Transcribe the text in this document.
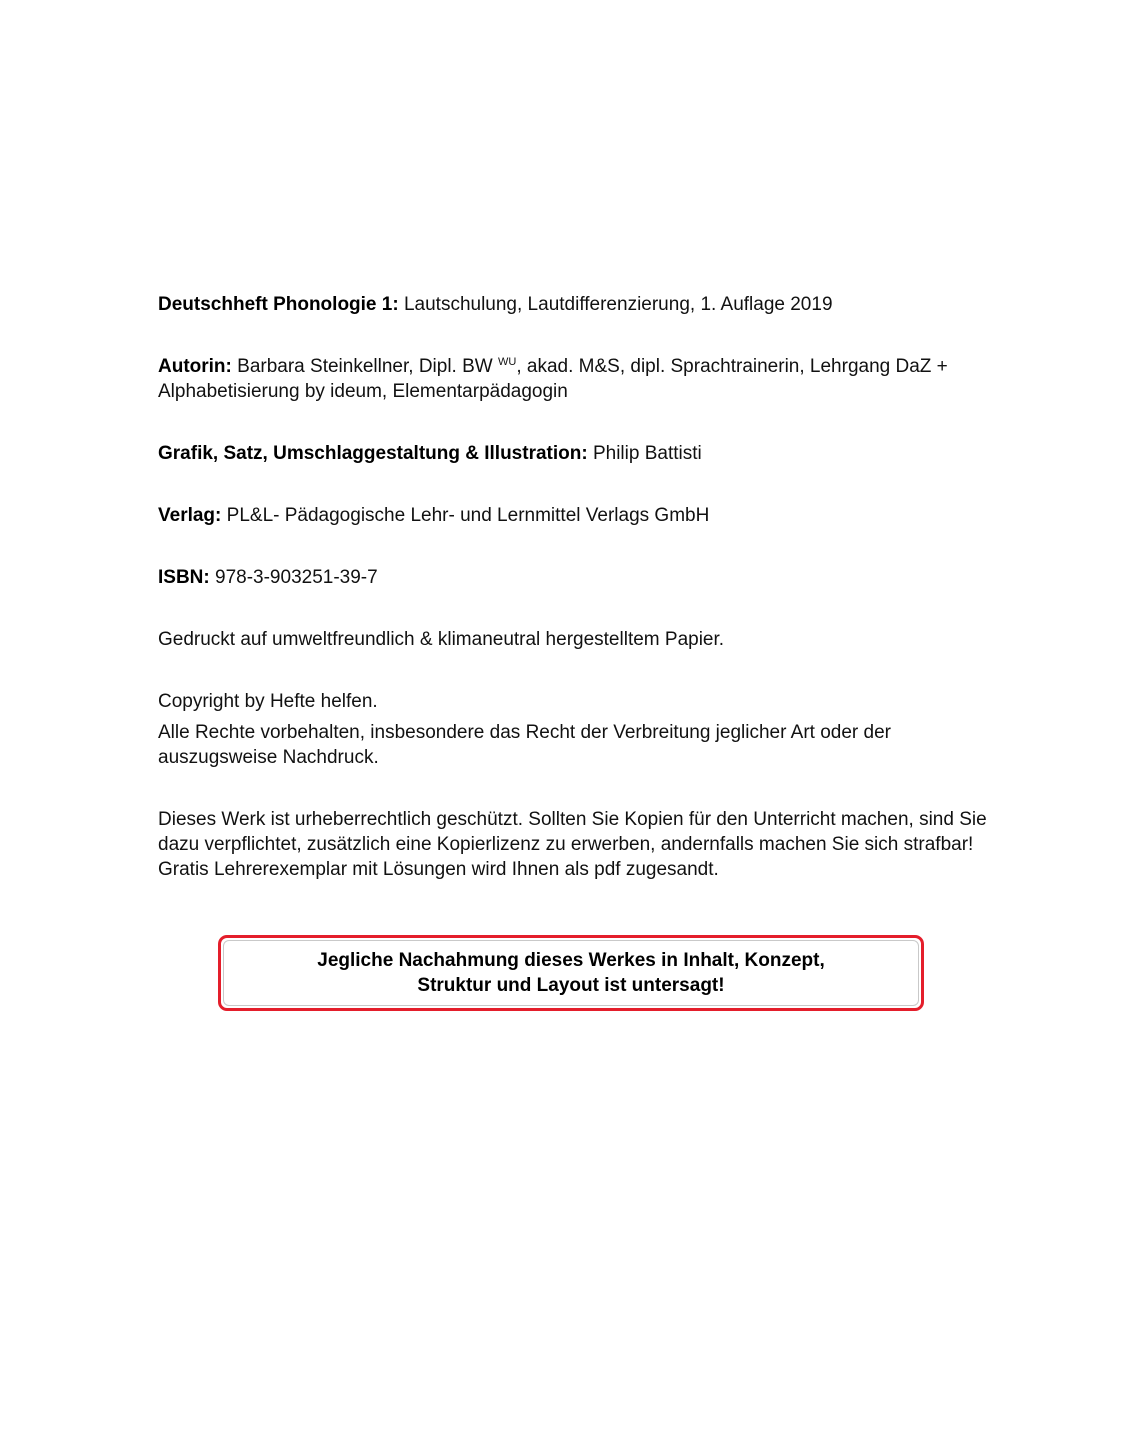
Deutschheft Phonologie 1: Lautschulung, Lautdifferenzierung, 1. Auflage 2019

Autorin: Barbara Steinkellner, Dipl. BW $^{WU}$, akad. M&S, dipl. Sprachtrainerin, Lehrgang DaZ + Alphabetisierung by ideum, Elementarpädagogin

Grafik, Satz, Umschlaggestaltung & Illustration: Philip Battisti

Verlag: PL&L- Pädagogische Lehr- und Lernmittel Verlags GmbH

ISBN: 978-3-903251-39-7

Gedruckt auf umweltfreundlich & klimaneutral hergestelltem Papier.

Copyright by Hefte helfen.

Alle Rechte vorbehalten, insbesondere das Recht der Verbreitung jeglicher Art oder der auszugsweise Nachdruck.

Dieses Werk ist urheberrechtlich geschützt. Sollten Sie Kopien für den Unterricht machen, sind Sie dazu verpflichtet, zusätzlich eine Kopierlizenz zu erwerben, andernfalls machen Sie sich strafbar! Gratis Lehrerexemplar mit Lösungen wird Ihnen als pdf zugesandt.

Jegliche Nachahmung dieses Werkes in Inhalt, Konzept,
Struktur und Layout ist untersagt!
